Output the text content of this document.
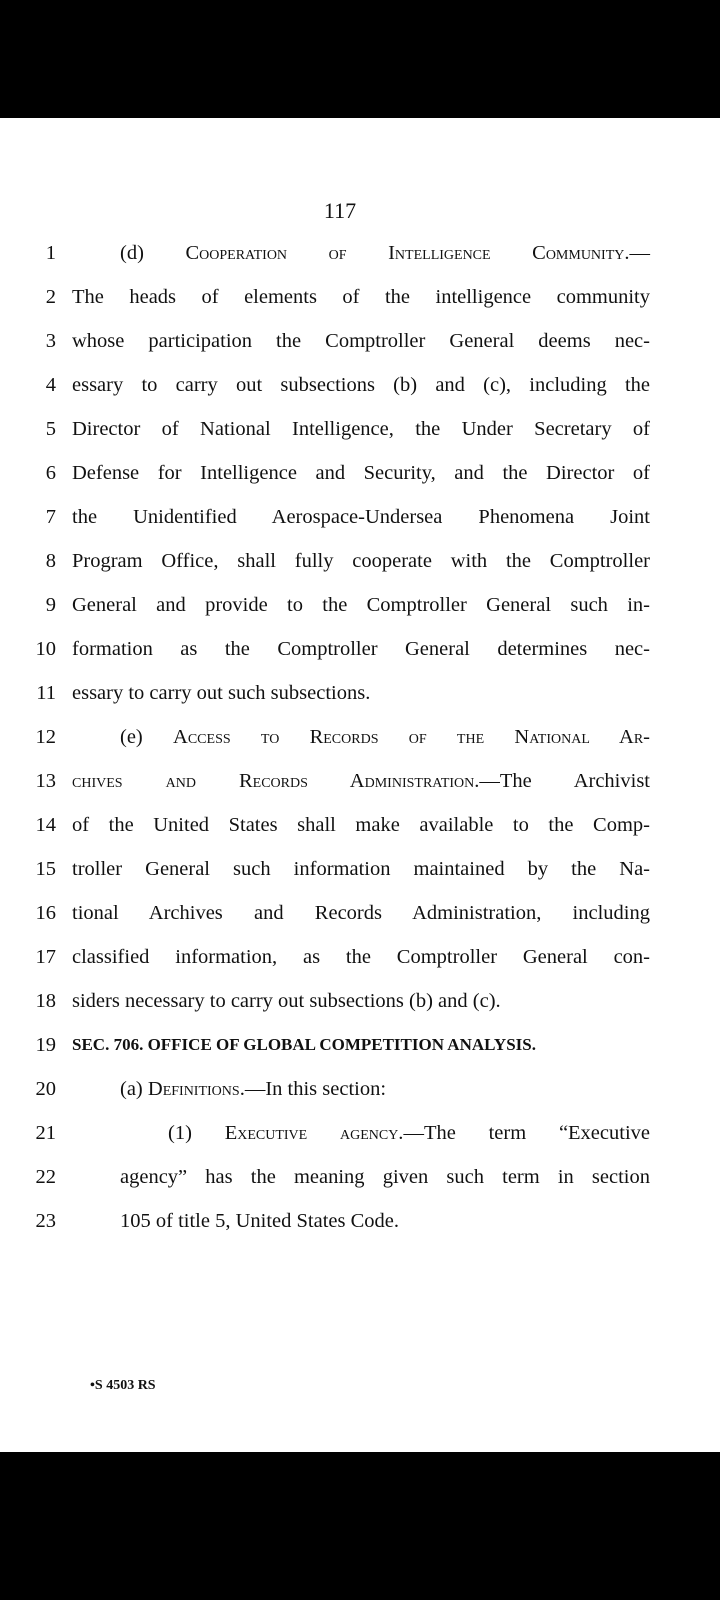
117
1	(d) Cooperation of Intelligence Community.—
2 The heads of elements of the intelligence community
3 whose participation the Comptroller General deems nec-
4 essary to carry out subsections (b) and (c), including the
5 Director of National Intelligence, the Under Secretary of
6 Defense for Intelligence and Security, and the Director of
7 the Unidentified Aerospace-Undersea Phenomena Joint
8 Program Office, shall fully cooperate with the Comptroller
9 General and provide to the Comptroller General such in-
10 formation as the Comptroller General determines nec-
11 essary to carry out such subsections.
12	(e) Access to Records of the National Ar-
13 chives and Records Administration.—The Archivist
14 of the United States shall make available to the Comp-
15 troller General such information maintained by the Na-
16 tional Archives and Records Administration, including
17 classified information, as the Comptroller General con-
18 siders necessary to carry out subsections (b) and (c).
19 SEC. 706. OFFICE OF GLOBAL COMPETITION ANALYSIS.
20	(a) Definitions.—In this section:
21	(1) Executive agency.—The term “Executive
22	agency” has the meaning given such term in section
23	105 of title 5, United States Code.
•S 4503 RS
